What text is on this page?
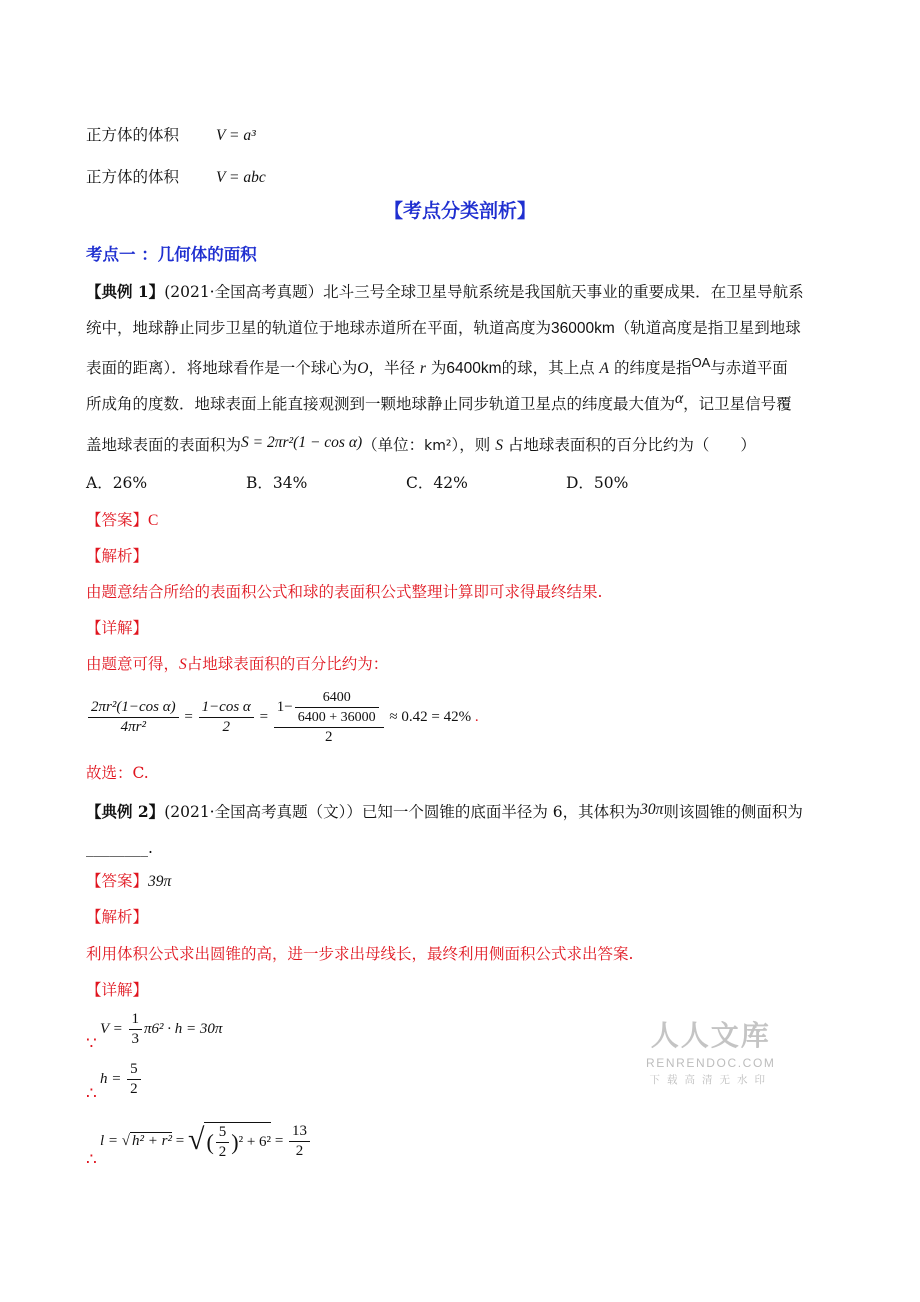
正方体的体积 V = a³
正方体的体积 V = abc
【考点分类剖析】
考点一 ：几何体的面积
【典例 1】(2021·全国高考真题）北斗三号全球卫星导航系统是我国航天事业的重要成果．在卫星导航系
统中，地球静止同步卫星的轨道位于地球赤道所在平面，轨道高度为36000km（轨道高度是指卫星到地球
表面的距离）．将地球看作是一个球心为O，半径 r 为6400km的球，其上点 A 的纬度是指$^{OA}$与赤道平面
所成角的度数．地球表面上能直接观测到一颗地球静止同步轨道卫星点的纬度最大值为α，记卫星信号覆
盖地球表面的表面积为S = 2πr²(1 − cos α)（单位：km²），则 S 占地球表面积的百分比约为（　　）
A．26%	B．34%	C．42%	D．50%
【答案】C
【解析】
由题意结合所给的表面积公式和球的表面积公式整理计算即可求得最终结果.
【详解】
由题意可得，S占地球表面积的百分比约为：
$\frac{\text{2πr²(1−cos α)}}{\text{4πr²}} = \frac{\text{1−cos α}}{2} = \frac{1- \frac{6400}{6400 + 36000}}{2} \approx 0.42 = 42\%$ .
故选：C.
【典例 2】(2021·全国高考真题（文））已知一个圆锥的底面半径为 6，其体积为30π则该圆锥的侧面积为
________.
【答案】39π
【解析】
利用体积公式求出圆锥的高，进一步求出母线长，最终利用侧面积公式求出答案.
【详解】
$V = \frac{1}{3} \pi 6^2 \cdot h = 30\pi$
∵
$h = \frac{5}{2}$
∴
l = √ h² + r² = √( $\frac{5}{2} )^2 + 6^2 = \frac{13}{2}$
∴
人人文库
RENRENDOC.COM
下载高清无水印
